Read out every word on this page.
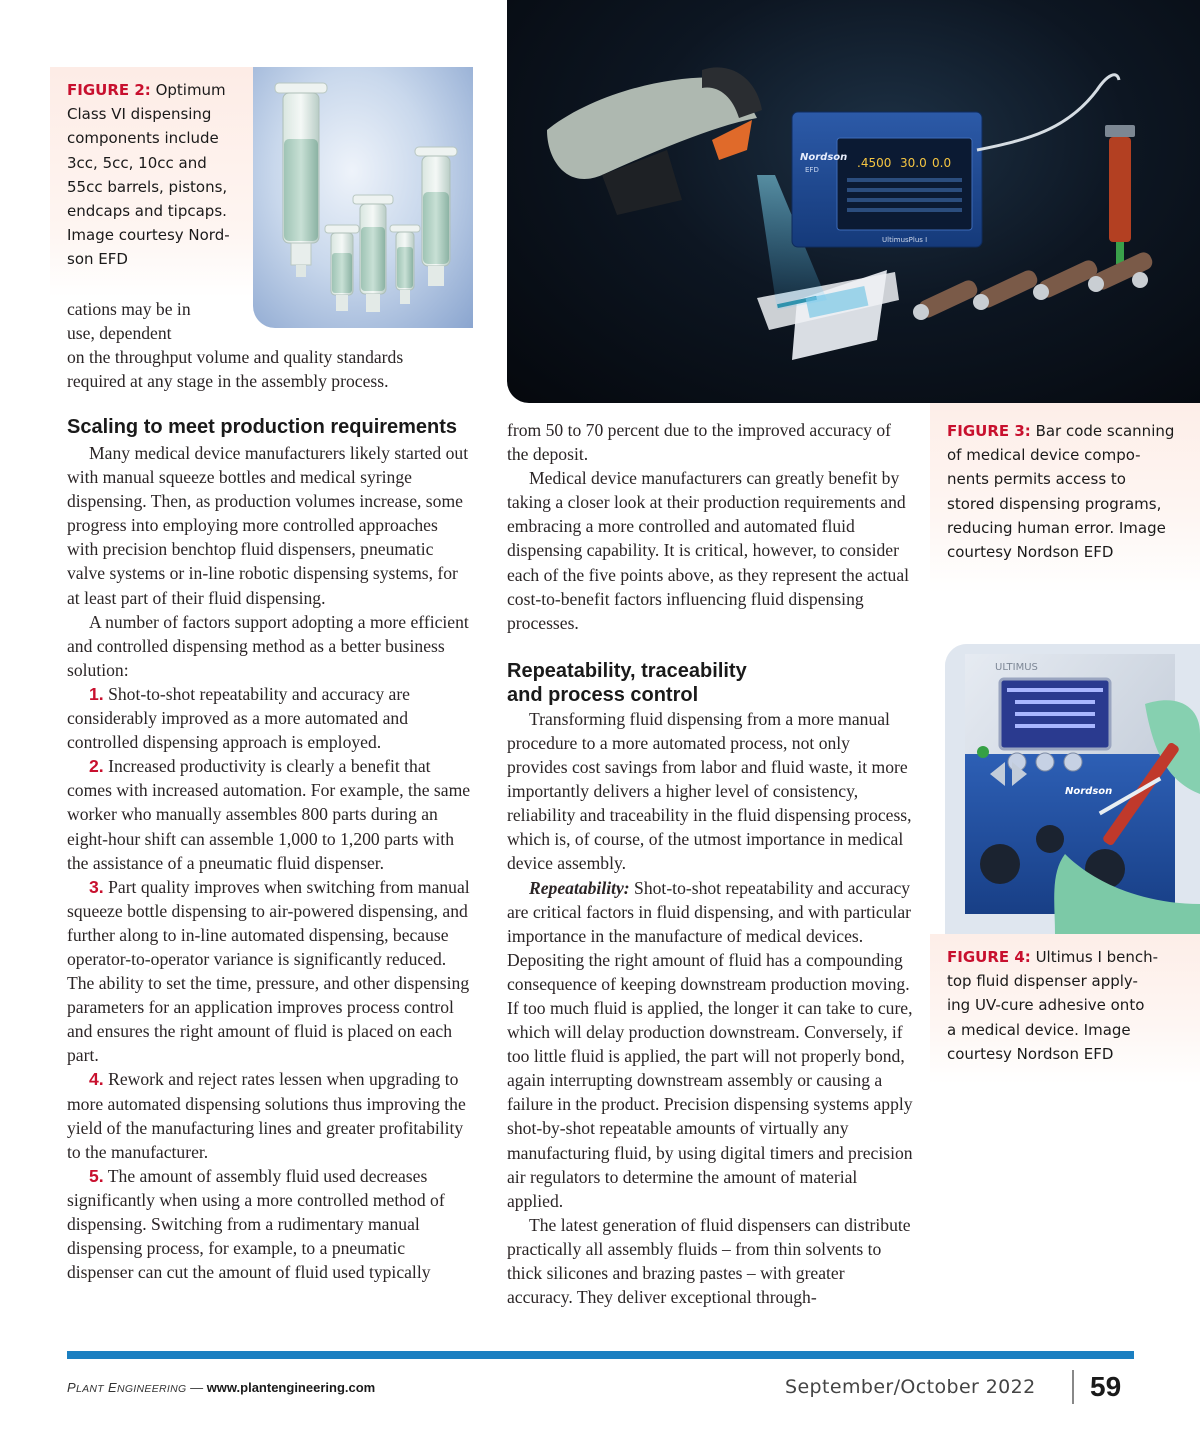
FIGURE 2: Optimum
Class VI dispensing
components include
3cc, 5cc, 10cc and
55cc barrels, pistons,
endcaps and tipcaps.
Image courtesy Nord-
son EFD
.4500 30.0 0.0
Nordson
EFD
UltimusPlus I
FIGURE 3: Bar code scanning
of medical device compo-
nents permits access to
stored dispensing programs,
reducing human error. Image
courtesy Nordson EFD
ULTIMUS
Nordson
FIGURE 4: Ultimus I bench-
top fluid dispenser apply-
ing UV-cure adhesive onto
a medical device. Image
courtesy Nordson EFD
cations may be in
use, dependent
on the throughput volume and quality standards
required at any stage in the assembly process.
Scaling to meet production requirements

Many medical device manufacturers likely started out with manual squeeze bottles and medical syringe dispensing. Then, as production volumes increase, some progress into employing more controlled approaches with precision benchtop fluid dispensers, pneumatic valve systems or in-line robotic dispensing systems, for at least part of their fluid dispensing.

A number of factors support adopting a more efficient and controlled dispensing method as a better business solution:

1. Shot-to-shot repeatability and accuracy are considerably improved as a more automated and controlled dispensing approach is employed.

2. Increased productivity is clearly a benefit that comes with increased automation. For example, the same worker who manually assembles 800 parts during an eight-hour shift can assemble 1,000 to 1,200 parts with the assistance of a pneumatic fluid dispenser.

3. Part quality improves when switching from manual squeeze bottle dispensing to air-powered dispensing, and further along to in-line automated dispensing, because operator-to-operator variance is significantly reduced. The ability to set the time, pressure, and other dispensing parameters for an application improves process control and ensures the right amount of fluid is placed on each part.

4. Rework and reject rates lessen when upgrading to more automated dispensing solutions thus improving the yield of the manufacturing lines and greater profitability to the manufacturer.

5. The amount of assembly fluid used decreases significantly when using a more controlled method of dispensing. Switching from a rudimentary manual dispensing process, for example, to a pneumatic dispenser can cut the amount of fluid used typically

from 50 to 70 percent due to the improved accuracy of the deposit.

Medical device manufacturers can greatly benefit by taking a closer look at their production requirements and embracing a more controlled and automated fluid dispensing capability. It is critical, however, to consider each of the five points above, as they represent the actual cost-to-benefit factors influencing fluid dispensing processes.

Repeatability, traceability
and process control

Transforming fluid dispensing from a more manual procedure to a more automated process, not only provides cost savings from labor and fluid waste, it more importantly delivers a higher level of consistency, reliability and traceability in the fluid dispensing process, which is, of course, of the utmost importance in medical device assembly.

Repeatability: Shot-to-shot repeatability and accuracy are critical factors in fluid dispensing, and with particular importance in the manufacture of medical devices. Depositing the right amount of fluid has a compounding consequence of keeping downstream production moving. If too much fluid is applied, the longer it can take to cure, which will delay production downstream. Conversely, if too little fluid is applied, the part will not properly bond, again interrupting downstream assembly or causing a failure in the product. Precision dispensing systems apply shot-by-shot repeatable amounts of virtually any manufacturing fluid, by using digital timers and precision air regulators to determine the amount of material applied.

The latest generation of fluid dispensers can distribute practically all assembly fluids – from thin solvents to thick silicones and brazing pastes – with greater accuracy. They deliver exceptional through-

PLANT ENGINEERING — www.plantengineering.com	September/October 2022 59
